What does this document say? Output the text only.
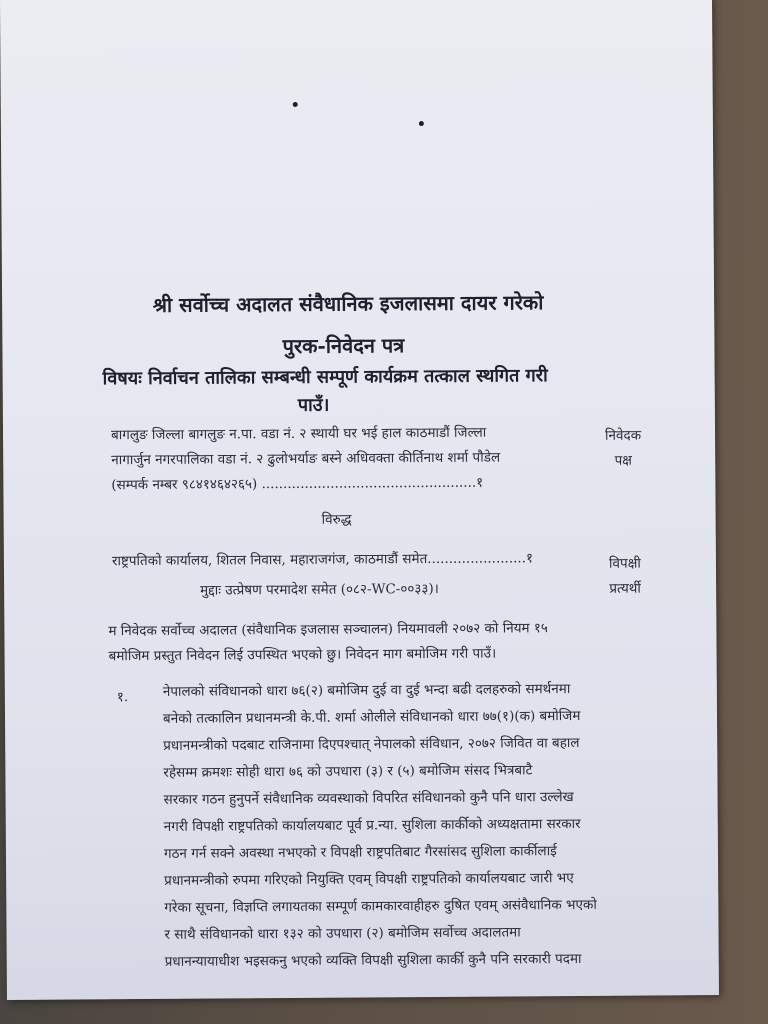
श्री सर्वोच्च अदालत संवैधानिक इजलासमा दायर गरेको
पुरक-निवेदन पत्र
विषयः निर्वाचन तालिका सम्बन्धी सम्पूर्ण कार्यक्रम तत्काल स्थगित गरी
पाउँ।
बागलुङ जिल्ला बागलुङ न.पा. वडा नं. २ स्थायी घर भई हाल काठमाडौं जिल्ला
नागार्जुन नगरपालिका वडा नं. २ ढुलोभर्याङ बस्ने अधिवक्ता कीर्तिनाथ शर्मा पौडेल
(सम्पर्क नम्बर ९८४१४६४२६५) ..................................................१
निवेदक
पक्ष
विरुद्ध
राष्ट्रपतिको कार्यालय, शितल निवास, महाराजगंज, काठमाडौं समेत.......................१	विपक्षी
प्रत्यर्थी
मुद्दाः उत्प्रेषण परमादेश समेत (०८२-WC-००३३)।
म निवेदक सर्वोच्च अदालत (संवैधानिक इजलास सञ्चालन) नियमावली २०७२ को नियम १५
बमोजिम प्रस्तुत निवेदन लिई उपस्थित भएको छु। निवेदन माग बमोजिम गरी पाउँ।
१.	नेपालको संविधानको धारा ७६(२) बमोजिम दुई वा दुई भन्दा बढी दलहरुको समर्थनमा
बनेको तत्कालिन प्रधानमन्त्री के.पी. शर्मा ओलीले संविधानको धारा ७७(१)(क) बमोजिम
प्रधानमन्त्रीको पदबाट राजिनामा दिएपश्चात् नेपालको संविधान, २०७२ जिवित वा बहाल
रहेसम्म क्रमशः सोही धारा ७६ को उपधारा (३) र (५) बमोजिम संसद भित्रबाटै
सरकार गठन हुनुपर्ने संवैधानिक व्यवस्थाको विपरित संविधानको कुनै पनि धारा उल्लेख
नगरी विपक्षी राष्ट्रपतिको कार्यालयबाट पूर्व प्र.न्या. सुशिला कार्कीको अध्यक्षतामा सरकार
गठन गर्न सक्ने अवस्था नभएको र विपक्षी राष्ट्रपतिबाट गैरसांसद सुशिला कार्कीलाई
प्रधानमन्त्रीको रुपमा गरिएको नियुक्ति एवम् विपक्षी राष्ट्रपतिको कार्यालयबाट जारी भए
गरेका सूचना, विज्ञप्ति लगायतका सम्पूर्ण कामकारवाहीहरु दुषित एवम् असंवैधानिक भएको
र साथै संविधानको धारा १३२ को उपधारा (२) बमोजिम सर्वोच्च अदालतमा
प्रधानन्यायाधीश भइसकनु भएको व्यक्ति विपक्षी सुशिला कार्की कुनै पनि सरकारी पदमा
